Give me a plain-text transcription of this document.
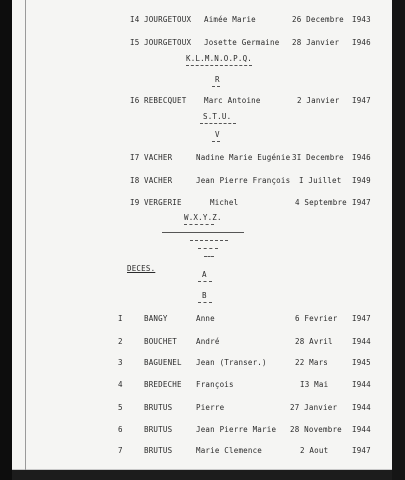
I4 JOURGETOUX Aimée Marie	26 Decembre I943
I5 JOURGETOUX Josette Germaine 28 Janvier I946
K.L.M.N.O.P.Q.
R
I6 REBECQUET Marc Antoine	2 Janvier I947
S.T.U.
V
I7 VACHER	Nadine Marie Eugénie 3I Decembre I946
I8 VACHER	Jean Pierre François I Juillet I949
I9 VERGERIE	Michel	4 Septembre I947
W.X.Y.Z.
DECES.
A
B
I	BANGY	Anne	6 Fevrier I947
2	BOUCHET	André	28 Avril	I944
3	BAGUENEL Jean (Transer.)	22 Mars	I945
4	BREDECHE François	I3 Mai	I944
5	BRUTUS	Pierre	27 Janvier I944
6	BRUTUS	Jean Pierre Marie 28 Novembre I944
7	BRUTUS	Marie Clemence	2 Aout	I947
